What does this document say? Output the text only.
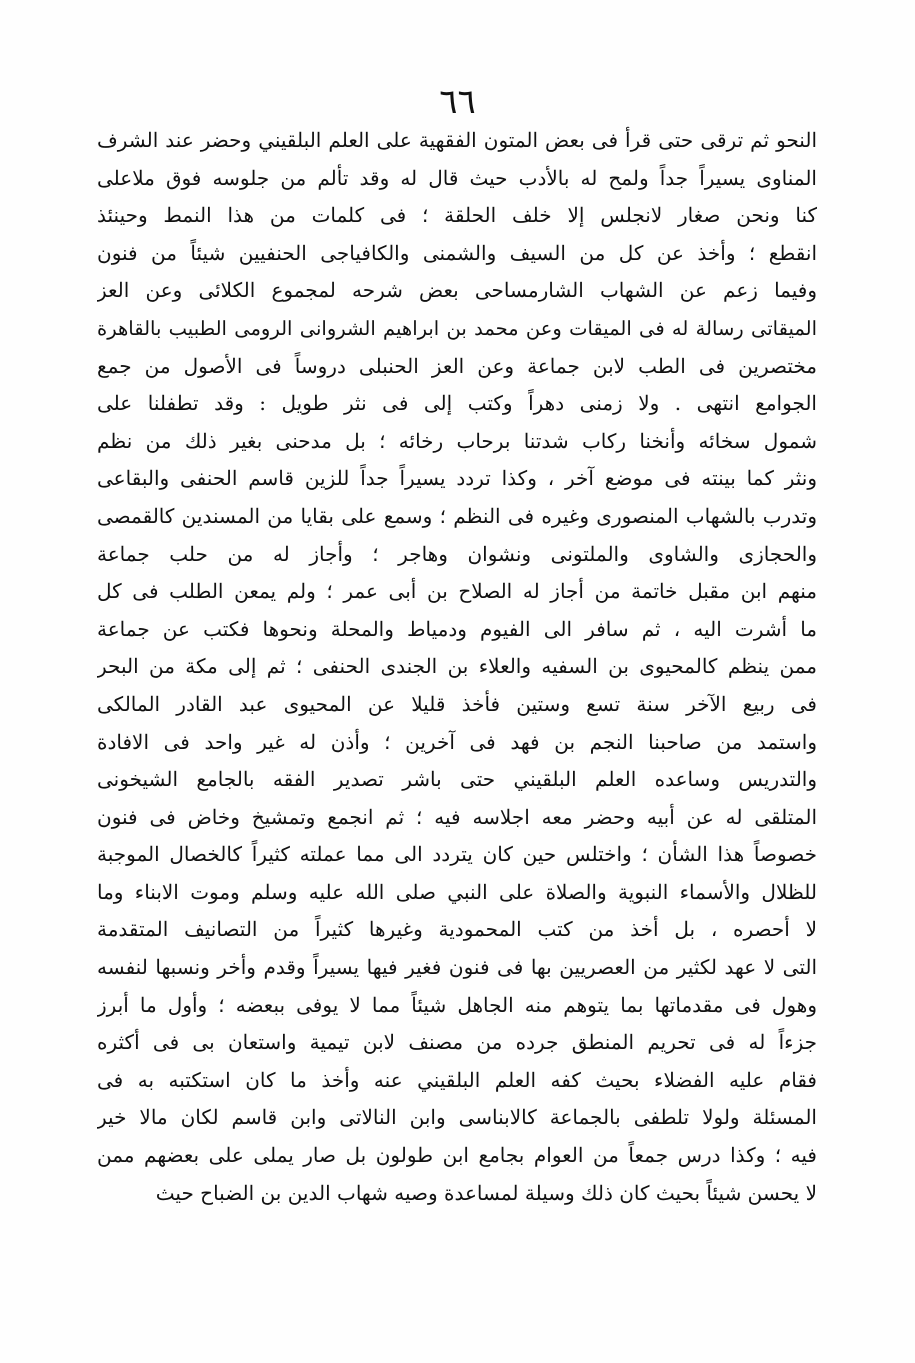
٦٦
النحو ثم ترقى حتى قرأ فى بعض المتون الفقهية على العلم البلقيني وحضر عند الشرف
المناوى يسيراً جداً ولمح له بالأدب حيث قال له وقد تألم من جلوسه فوق ملاعلى
كنا ونحن صغار لانجلس إلا خلف الحلقة ؛ فى كلمات من هذا النمط وحينئذ
انقطع ؛ وأخذ عن كل من السيف والشمنى والكافياجى الحنفيين شيئاً من فنون
وفيما زعم عن الشهاب الشارمساحى بعض شرحه لمجموع الكلائى وعن العز
الميقاتى رسالة له فى الميقات وعن محمد بن ابراهيم الشروانى الرومى الطبيب بالقاهرة
مختصرين فى الطب لابن جماعة وعن العز الحنبلى دروساً فى الأصول من جمع
الجوامع انتهى . ولا زمنى دهراً وكتب إلى فى نثر طويل : وقد تطفلنا على
شمول سخائه وأنخنا ركاب شدتنا برحاب رخائه ؛ بل مدحنى بغير ذلك من نظم
ونثر كما بينته فى موضع آخر ، وكذا تردد يسيراً جداً للزين قاسم الحنفى والبقاعى
وتدرب بالشهاب المنصورى وغيره فى النظم ؛ وسمع على بقايا من المسندين كالقمصى
والحجازى والشاوى والملتونى ونشوان وهاجر ؛ وأجاز له من حلب جماعة
منهم ابن مقبل خاتمة من أجاز له الصلاح بن أبى عمر ؛ ولم يمعن الطلب فى كل
ما أشرت اليه ، ثم سافر الى الفيوم ودمياط والمحلة ونحوها فكتب عن جماعة
ممن ينظم كالمحيوى بن السفيه والعلاء بن الجندى الحنفى ؛ ثم إلى مكة من البحر
فى ربيع الآخر سنة تسع وستين فأخذ قليلا عن المحيوى عبد القادر المالكى
واستمد من صاحبنا النجم بن فهد فى آخرين ؛ وأذن له غير واحد فى الافادة
والتدريس وساعده العلم البلقيني حتى باشر تصدير الفقه بالجامع الشيخونى
المتلقى له عن أبيه وحضر معه اجلاسه فيه ؛ ثم انجمع وتمشيخ وخاض فى فنون
خصوصاً هذا الشأن ؛ واختلس حين كان يتردد الى مما عملته كثيراً كالخصال الموجبة
للظلال والأسماء النبوية والصلاة على النبي صلى الله عليه وسلم وموت الابناء وما
لا أحصره ، بل أخذ من كتب المحمودية وغيرها كثيراً من التصانيف المتقدمة
التى لا عهد لكثير من العصريين بها فى فنون فغير فيها يسيراً وقدم وأخر ونسبها لنفسه
وهول فى مقدماتها بما يتوهم منه الجاهل شيئاً مما لا يوفى ببعضه ؛ وأول ما أبرز
جزءاً له فى تحريم المنطق جرده من مصنف لابن تيمية واستعان بى فى أكثره
فقام عليه الفضلاء بحيث كفه العلم البلقيني عنه وأخذ ما كان استكتبه به فى
المسئلة ولولا تلطفى بالجماعة كالابناسى وابن النالاتى وابن قاسم لكان مالا خير
فيه ؛ وكذا درس جمعاً من العوام بجامع ابن طولون بل صار يملى على بعضهم ممن
لا يحسن شيئاً بحيث كان ذلك وسيلة لمساعدة وصيه شهاب الدين بن الضباح حيث
